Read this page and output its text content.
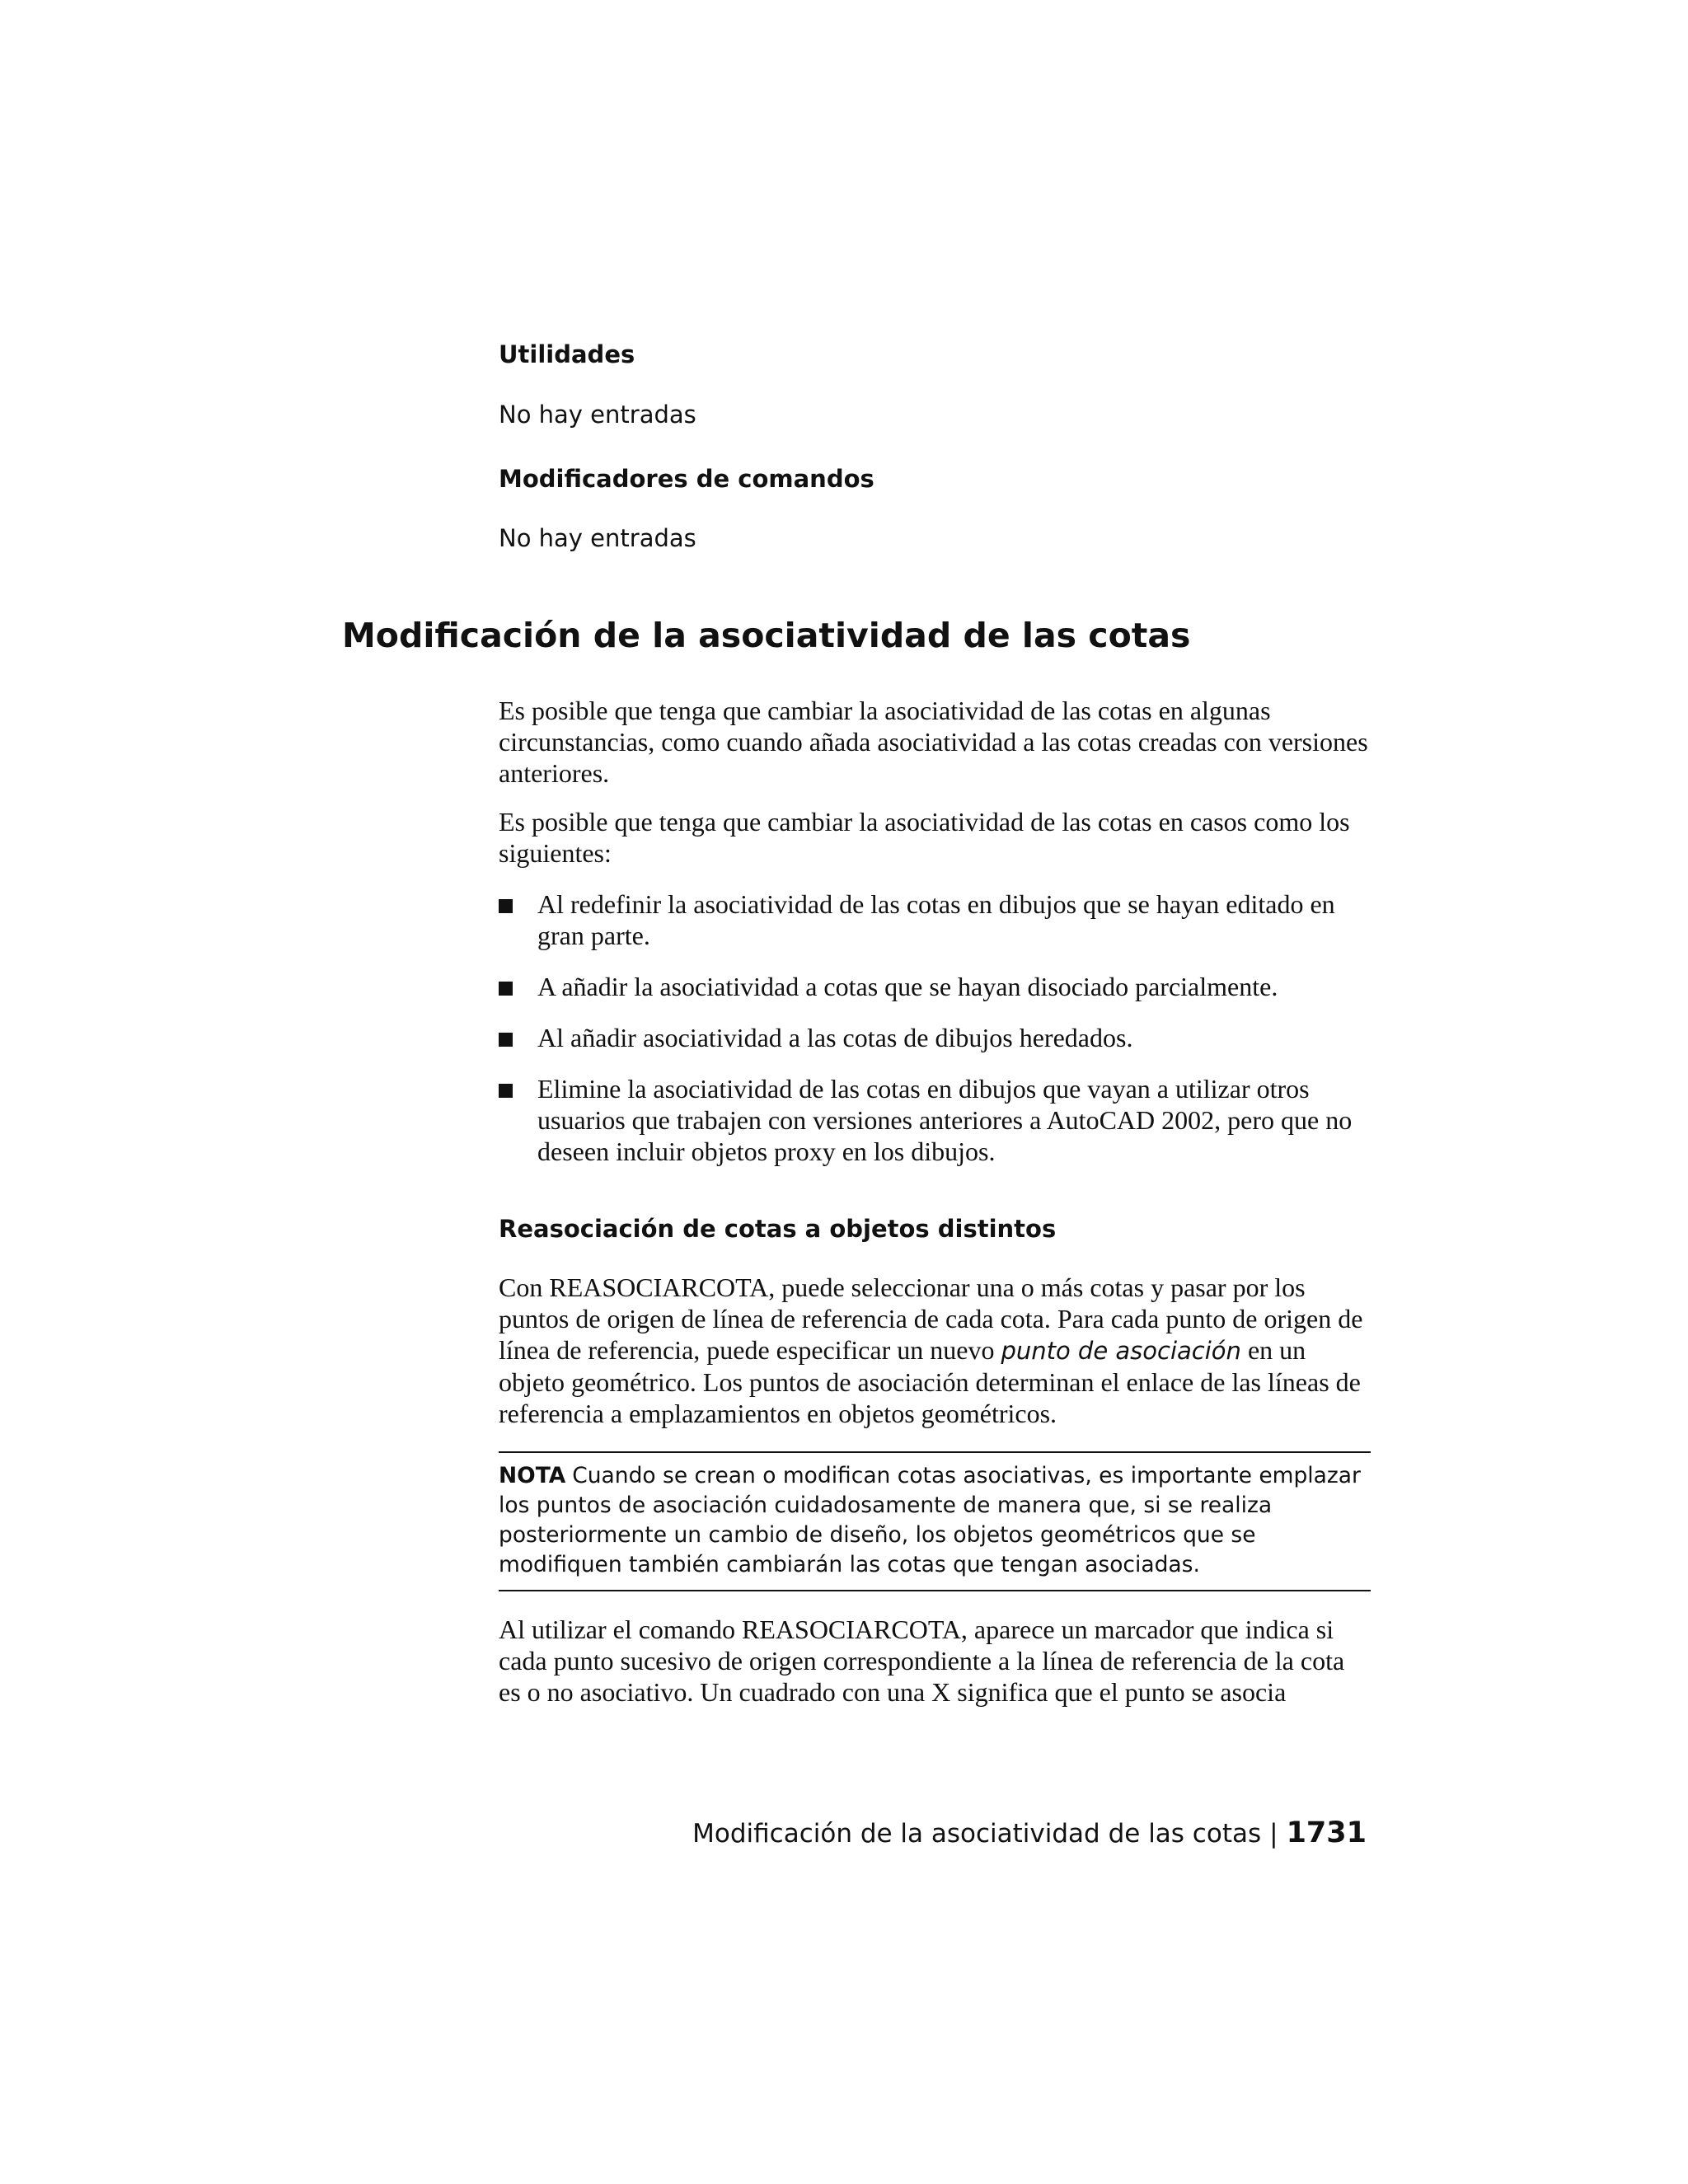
Utilidades

No hay entradas

Modificadores de comandos

No hay entradas

Modificación de la asociatividad de las cotas

Es posible que tenga que cambiar la asociatividad de las cotas en algunas circunstancias, como cuando añada asociatividad a las cotas creadas con versiones anteriores.

Es posible que tenga que cambiar la asociatividad de las cotas en casos como los siguientes:

Al redefinir la asociatividad de las cotas en dibujos que se hayan editado en gran parte.
A añadir la asociatividad a cotas que se hayan disociado parcialmente.
Al añadir asociatividad a las cotas de dibujos heredados.
Elimine la asociatividad de las cotas en dibujos que vayan a utilizar otros usuarios que trabajen con versiones anteriores a AutoCAD 2002, pero que no deseen incluir objetos proxy en los dibujos.
Reasociación de cotas a objetos distintos

Con REASOCIARCOTA, puede seleccionar una o más cotas y pasar por los puntos de origen de línea de referencia de cada cota. Para cada punto de origen de línea de referencia, puede especificar un nuevo punto de asociación en un objeto geométrico. Los puntos de asociación determinan el enlace de las líneas de referencia a emplazamientos en objetos geométricos.

NOTA Cuando se crean o modifican cotas asociativas, es importante emplazar los puntos de asociación cuidadosamente de manera que, si se realiza posteriormente un cambio de diseño, los objetos geométricos que se modifiquen también cambiarán las cotas que tengan asociadas.

Al utilizar el comando REASOCIARCOTA, aparece un marcador que indica si cada punto sucesivo de origen correspondiente a la línea de referencia de la cota es o no asociativo. Un cuadrado con una X significa que el punto se asocia

Modificación de la asociatividad de las cotas | 1731
